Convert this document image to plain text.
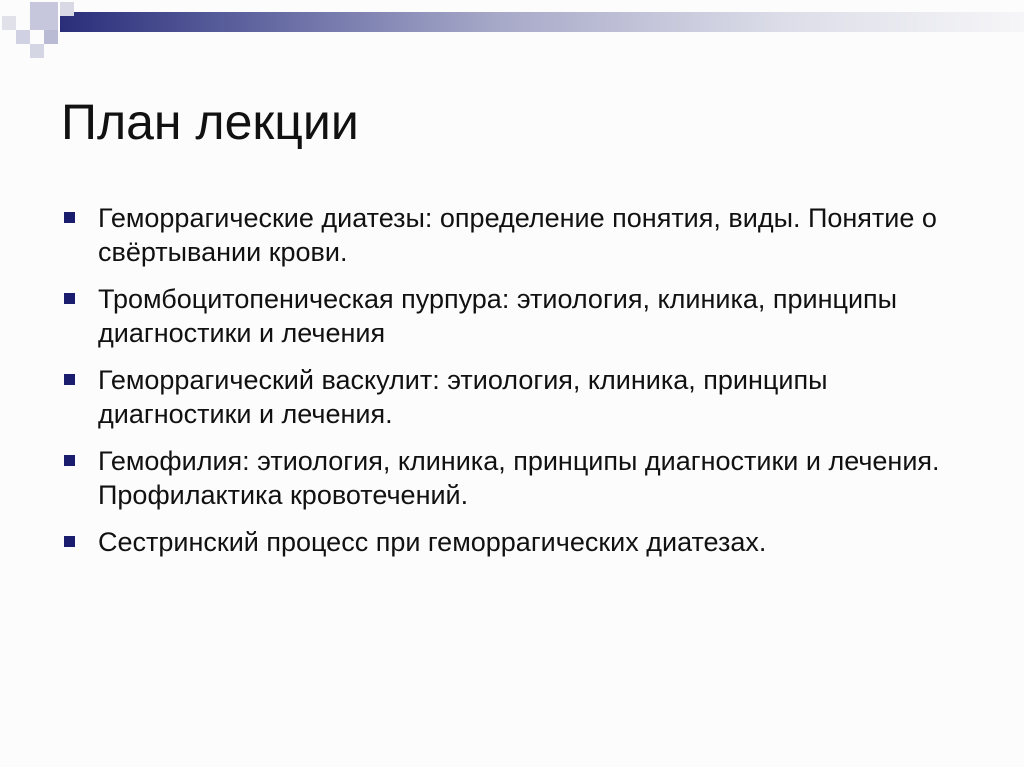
План лекции
Геморрагические диатезы: определение понятия, виды. Понятие о свёртывании крови.
Тромбоцитопеническая пурпура: этиология, клиника, принципы диагностики и лечения
Геморрагический васкулит: этиология, клиника, принципы диагностики и лечения.
Гемофилия: этиология, клиника, принципы диагностики и лечения. Профилактика кровотечений.
Сестринский процесс при геморрагических диатезах.
